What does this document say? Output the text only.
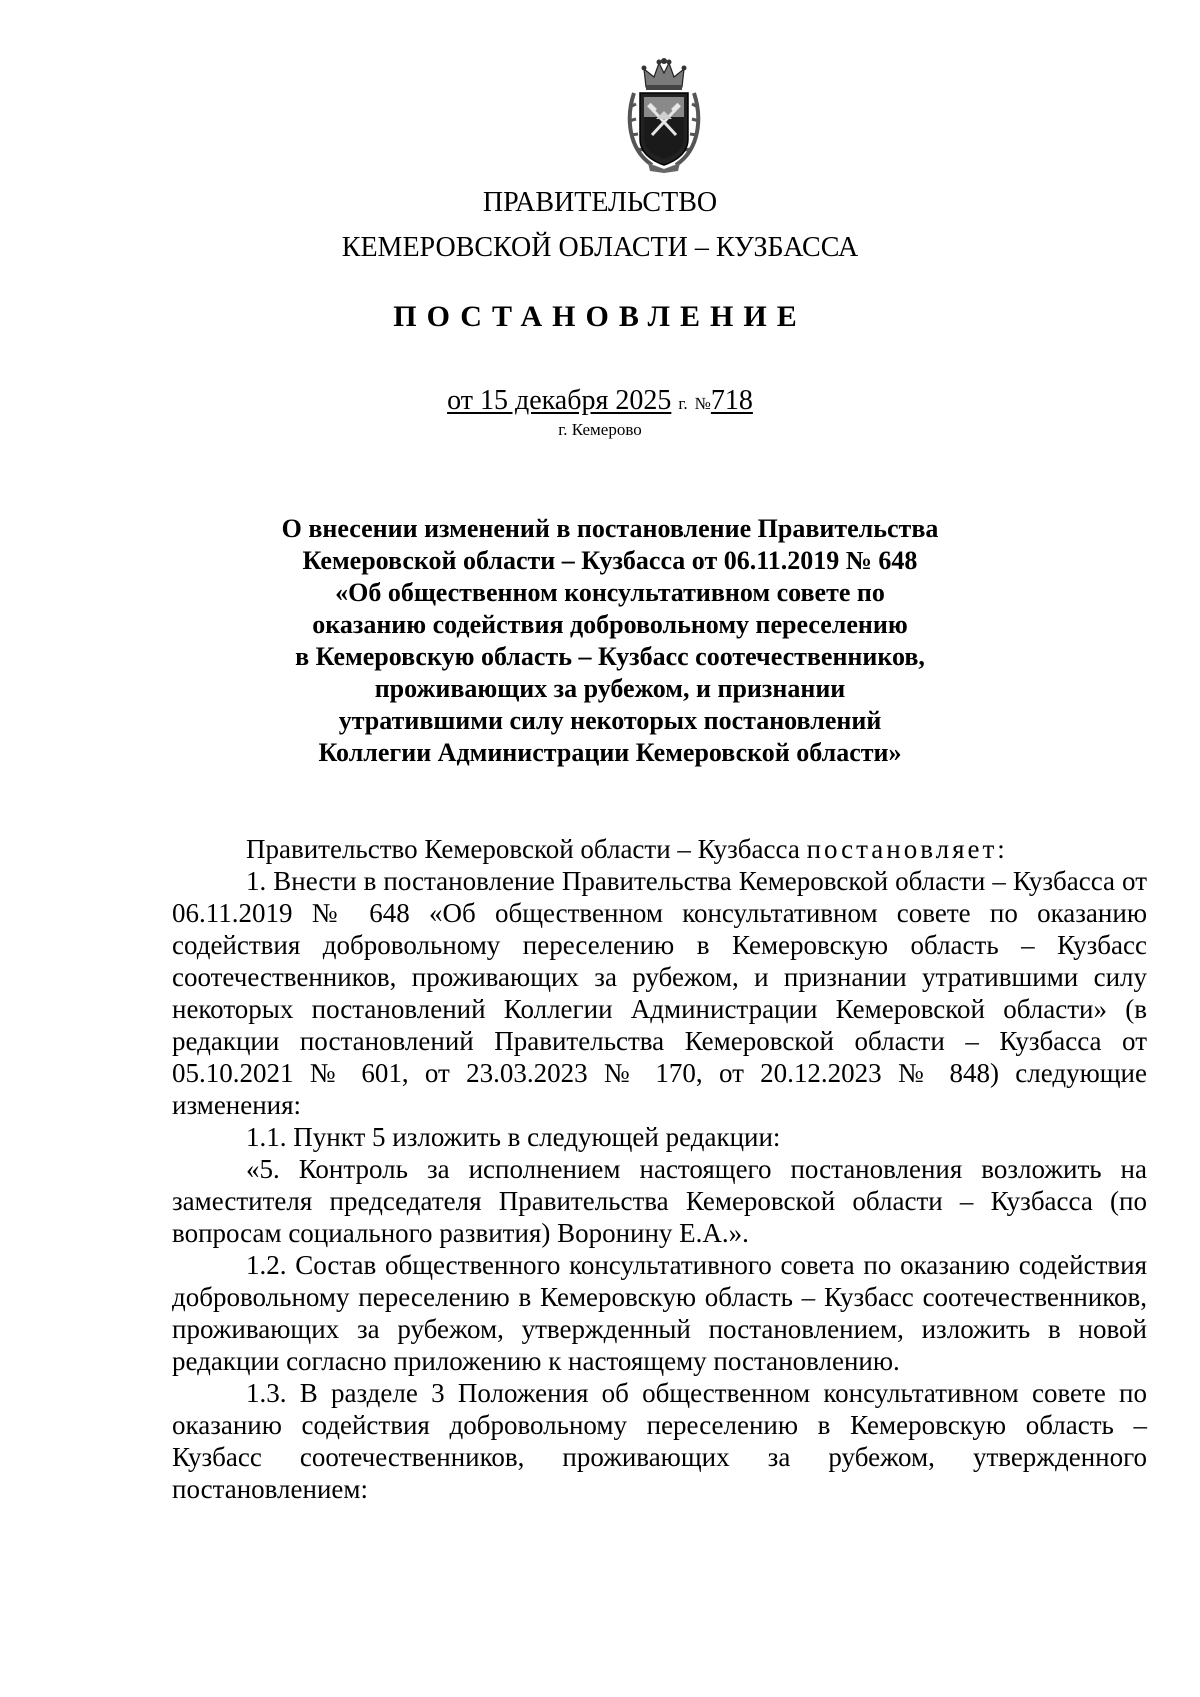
ПРАВИТЕЛЬСТВО
КЕМЕРОВСКОЙ ОБЛАСТИ – КУЗБАССА
ПОСТАНОВЛЕНИЕ
от 15 декабря 2025 г. №718
г. Кемерово
О внесении изменений в постановление Правительства
Кемеровской области – Кузбасса от 06.11.2019 № 648
«Об общественном консультативном совете по
оказанию содействия добровольному переселению
в Кемеровскую область – Кузбасс соотечественников,
проживающих за рубежом, и признании
утратившими силу некоторых постановлений
Коллегии Администрации Кемеровской области»

Правительство Кемеровской области – Кузбасса постановляет:

1. Внести в постановление Правительства Кемеровской области – Кузбасса от 06.11.2019 № 648 «Об общественном консультативном совете по оказанию содействия добровольному переселению в Кемеровскую область – Кузбасс соотечественников, проживающих за рубежом, и признании утратившими силу некоторых постановлений Коллегии Администрации Кемеровской области» (в редакции постановлений Правительства Кемеровской области – Кузбасса от 05.10.2021 № 601, от 23.03.2023 № 170, от 20.12.2023 № 848) следующие изменения:

1.1. Пункт 5 изложить в следующей редакции:

«5. Контроль за исполнением настоящего постановления возложить на заместителя председателя Правительства Кемеровской области – Кузбасса (по вопросам социального развития) Воронину Е.А.».

1.2. Состав общественного консультативного совета по оказанию содействия добровольному переселению в Кемеровскую область – Кузбасс соотечественников, проживающих за рубежом, утвержденный постановлением, изложить в новой редакции согласно приложению к настоящему постановлению.

1.3. В разделе 3 Положения об общественном консультативном совете по оказанию содействия добровольному переселению в Кемеровскую область – Кузбасс соотечественников, проживающих за рубежом, утвержденного постановлением:
